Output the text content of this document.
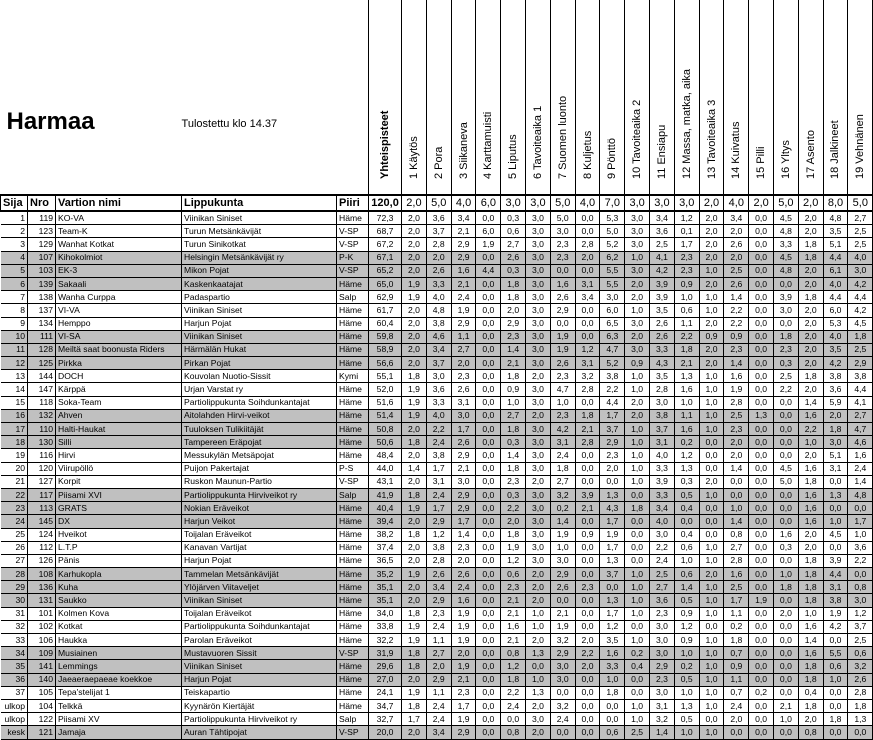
Harmaa			Tulostettu klo 14.37		Yhteispisteet	1 Käytös	2 Pora	3 Siikaneva	4 Karttamuisti	5 Liputus	6 Tavoiteaika 1	7 Suomen luonto	8 Kuljetus	9 Pönttö	10 Tavoiteaika 2	11 Ensiapu	12 Massa, matka, aika	13 Tavoiteaika 3	14 Kuivatus	15 Pilli	16 Yltys	17 Asento	18 Jalkineet	19 Vehnänen

Sija	Nro	Vartion nimi	Lippukunta	Piiri	120,0	2,0	5,0	4,0	6,0	3,0	3,0	5,0	4,0	7,0	3,0	3,0	3,0	2,0	4,0	2,0	5,0	2,0	8,0	5,0
1	119	KO-VA	Viinikan Siniset	Häme	72,3	2,0	3,6	3,4	0,0	0,3	3,0	5,0	0,0	5,3	3,0	3,4	1,2	2,0	3,4	0,0	4,5	2,0	4,8	2,7
2	123	Team-K	Turun Metsänkävijät	V-SP	68,7	2,0	3,7	2,1	6,0	0,6	3,0	3,0	0,0	5,0	3,0	3,6	0,1	2,0	2,0	0,0	4,8	2,0	3,5	2,5
3	129	Wanhat Kotkat	Turun Sinikotkat	V-SP	67,2	2,0	2,8	2,9	1,9	2,7	3,0	2,3	2,8	5,2	3,0	2,5	1,7	2,0	2,6	0,0	3,3	1,8	5,1	2,5
4	107	Kihokolmiot	Helsingin Metsänkävijät ry	P-K	67,1	2,0	2,0	2,9	0,0	2,6	3,0	2,3	2,0	6,2	1,0	4,1	2,3	2,0	2,0	0,0	4,5	1,8	4,4	4,0
5	103	EK-3	Mikon Pojat	V-SP	65,2	2,0	2,6	1,6	4,4	0,3	3,0	0,0	0,0	5,5	3,0	4,2	2,3	1,0	2,5	0,0	4,8	2,0	6,1	3,0
6	139	Sakaali	Kaskenkaatajat	Häme	65,0	1,9	3,3	2,1	0,0	1,8	3,0	1,6	3,1	5,5	2,0	3,9	0,9	2,0	2,6	0,0	0,0	2,0	4,0	4,2
7	138	Wanha Curppa	Padaspartio	Salp	62,9	1,9	4,0	2,4	0,0	1,8	3,0	2,6	3,4	3,0	2,0	3,9	1,0	1,0	1,4	0,0	3,9	1,8	4,4	4,4
8	137	VI-VA	Viinikan Siniset	Häme	61,7	2,0	4,8	1,9	0,0	2,0	3,0	2,9	0,0	6,0	1,0	3,5	0,6	1,0	2,2	0,0	3,0	2,0	6,0	4,2
9	134	Hemppo	Harjun Pojat	Häme	60,4	2,0	3,8	2,9	0,0	2,9	3,0	0,0	0,0	6,5	3,0	2,6	1,1	2,0	2,2	0,0	0,0	2,0	5,3	4,5
10	111	VI-SA	Viinikan Siniset	Häme	59,8	2,0	4,6	1,1	0,0	2,3	3,0	1,9	0,0	6,3	2,0	2,6	2,2	0,9	0,9	0,0	1,8	2,0	4,0	1,8
11	128	Meiltä saat boonusta Riders	Härmälän Hukat	Häme	58,9	2,0	3,4	2,7	0,0	1,4	3,0	1,9	1,2	4,7	3,0	3,3	1,8	2,0	2,3	0,0	2,3	2,0	3,5	2,5
12	125	Pirkka	Pirkan Pojat	Häme	56,6	2,0	3,7	2,0	0,0	2,1	3,0	2,6	3,1	5,2	0,9	4,3	2,1	2,0	1,4	0,0	0,3	2,0	4,2	2,9
13	144	DOCH	Kouvolan Nuotio-Sissit	Kymi	55,1	1,8	3,0	2,3	0,0	1,8	2,0	2,3	3,2	3,8	1,0	3,5	1,3	1,0	1,6	0,0	2,5	1,8	3,8	3,8
14	147	Kärppä	Urjan Varstat ry	Häme	52,0	1,9	3,6	2,6	0,0	0,9	3,0	4,7	2,8	2,2	1,0	2,8	1,6	1,0	1,9	0,0	2,2	2,0	3,6	4,4
15	118	Soka-Team	Partiolippukunta Soihdunkantajat	Häme	51,6	1,9	3,3	3,1	0,0	1,0	3,0	1,0	0,0	4,4	2,0	3,0	1,0	1,0	2,8	0,0	0,0	1,4	5,9	4,1
16	132	Ahven	Aitolahden Hirvi-veikot	Häme	51,4	1,9	4,0	3,0	0,0	2,7	2,0	2,3	1,8	1,7	2,0	3,8	1,1	1,0	2,5	1,3	0,0	1,6	2,0	2,7
17	110	Halti-Haukat	Tuuloksen Tulikiitäjät	Häme	50,8	2,0	2,2	1,7	0,0	1,8	3,0	4,2	2,1	3,7	1,0	3,7	1,6	1,0	2,3	0,0	0,0	2,2	1,8	4,7
18	130	Silli	Tampereen Eräpojat	Häme	50,6	1,8	2,4	2,6	0,0	0,3	3,0	3,1	2,8	2,9	1,0	3,1	0,2	0,0	2,0	0,0	0,0	1,0	3,0	4,6
19	116	Hirvi	Messukylän Metsäpojat	Häme	48,4	2,0	3,8	2,9	0,0	1,4	3,0	2,4	0,0	2,3	1,0	4,0	1,2	0,0	2,0	0,0	0,0	2,0	5,1	1,6
20	120	Viirupöllö	Puijon Pakertajat	P-S	44,0	1,4	1,7	2,1	0,0	1,8	3,0	1,8	0,0	2,0	1,0	3,3	1,3	0,0	1,4	0,0	4,5	1,6	3,1	2,4
21	127	Korpit	Ruskon Maunun-Partio	V-SP	43,1	2,0	3,1	3,0	0,0	2,3	2,0	2,7	0,0	0,0	1,0	3,9	0,3	2,0	0,0	0,0	5,0	1,8	0,0	1,4
22	117	Piisami XVI	Partiolippukunta Hirviveikot ry	Salp	41,9	1,8	2,4	2,9	0,0	0,3	3,0	3,2	3,9	1,3	0,0	3,3	0,5	1,0	0,0	0,0	0,0	1,6	1,3	4,8
23	113	GRATS	Nokian Eräveikot	Häme	40,4	1,9	1,7	2,9	0,0	2,2	3,0	0,2	2,1	4,3	1,8	3,4	0,4	0,0	1,0	0,0	0,0	1,6	0,0	0,0
24	145	DX	Harjun Veikot	Häme	39,4	2,0	2,9	1,7	0,0	2,0	3,0	1,4	0,0	1,7	0,0	4,0	0,0	0,0	1,4	0,0	0,0	1,6	1,0	1,7
25	124	Hveikot	Toijalan Eräveikot	Häme	38,2	1,8	1,2	1,4	0,0	1,8	3,0	1,9	0,9	1,9	0,0	3,0	0,4	0,0	0,8	0,0	1,6	2,0	4,5	1,0
26	112	L.T.P	Kanavan Vartijat	Häme	37,4	2,0	3,8	2,3	0,0	1,9	3,0	1,0	0,0	1,7	0,0	2,2	0,6	1,0	2,7	0,0	0,3	2,0	0,0	3,6
27	126	Pänis	Harjun Pojat	Häme	36,5	2,0	2,8	2,0	0,0	1,2	3,0	3,0	0,0	1,3	0,0	2,4	1,0	1,0	2,8	0,0	0,0	1,8	3,9	2,2
28	108	Karhukopla	Tammelan Metsänkävijät	Häme	35,2	1,9	2,6	2,6	0,0	0,6	2,0	2,9	0,0	3,7	1,0	2,5	0,6	2,0	1,6	0,0	1,0	1,8	4,4	0,0
29	136	Kuha	Ylöjärven Viitaveljet	Häme	35,1	2,0	3,4	2,4	0,0	2,3	2,0	2,6	2,3	0,0	1,0	2,7	1,4	1,0	2,5	0,0	1,8	1,8	3,1	0,8
30	131	Saukko	Viinikan Siniset	Häme	35,1	2,0	2,9	1,6	0,0	2,1	2,0	0,0	0,0	1,3	1,0	3,6	0,5	1,0	1,7	1,9	0,0	1,8	3,8	3,0
31	101	Kolmen Kova	Toijalan Eräveikot	Häme	34,0	1,8	2,3	1,9	0,0	2,1	1,0	2,1	0,0	1,7	1,0	2,3	0,9	1,0	1,1	0,0	2,0	1,0	1,9	1,2
32	102	Kotkat	Partiolippukunta Soihdunkantajat	Häme	33,8	1,9	2,4	1,9	0,0	1,6	1,0	1,9	0,0	1,2	0,0	3,0	1,2	0,0	0,2	0,0	0,0	1,6	4,2	3,7
33	106	Haukka	Parolan Eräveikot	Häme	32,2	1,9	1,1	1,9	0,0	2,1	2,0	3,2	2,0	3,5	1,0	3,0	0,9	1,0	1,8	0,0	0,0	1,4	0,0	2,5
34	109	Musiainen	Mustavuoren Sissit	V-SP	31,9	1,8	2,7	2,0	0,0	0,8	1,3	2,9	2,2	1,6	0,2	3,0	1,0	1,0	0,7	0,0	0,0	1,6	5,5	0,6
35	141	Lemmings	Viinikan Siniset	Häme	29,6	1,8	2,0	1,9	0,0	1,2	0,0	3,0	2,0	3,3	0,4	2,9	0,2	1,0	0,9	0,0	0,0	1,8	0,6	3,2
36	140	Jaeaeraepaeae koekkoe	Harjun Pojat	Häme	27,0	2,0	2,9	2,1	0,0	1,8	1,0	3,0	0,0	1,0	0,0	2,3	0,5	1,0	1,1	0,0	0,0	1,8	1,0	2,6
37	105	Tepa'stelijat 1	Teiskapartio	Häme	24,1	1,9	1,1	2,3	0,0	2,2	1,3	0,0	0,0	1,8	0,0	3,0	1,0	1,0	0,7	0,2	0,0	0,4	0,0	2,8
ulkop	104	Telkkä	Kyynärön Kiertäjät	Häme	34,7	1,8	2,4	1,7	0,0	2,4	2,0	3,2	0,0	0,0	1,0	3,1	1,3	1,0	2,4	0,0	2,1	1,8	0,0	1,8
ulkop	122	Piisami XV	Partiolippukunta Hirviveikot ry	Salp	32,7	1,7	2,4	1,9	0,0	0,0	3,0	2,4	0,0	0,0	1,0	3,2	0,5	0,0	2,0	0,0	1,0	2,0	1,8	1,3
kesk	121	Jamaja	Auran Tähtipojat	V-SP	20,0	2,0	3,4	2,9	0,0	0,8	2,0	0,0	0,0	0,6	2,5	1,4	1,0	1,0	0,0	0,0	0,0	0,8	0,0	0,0
